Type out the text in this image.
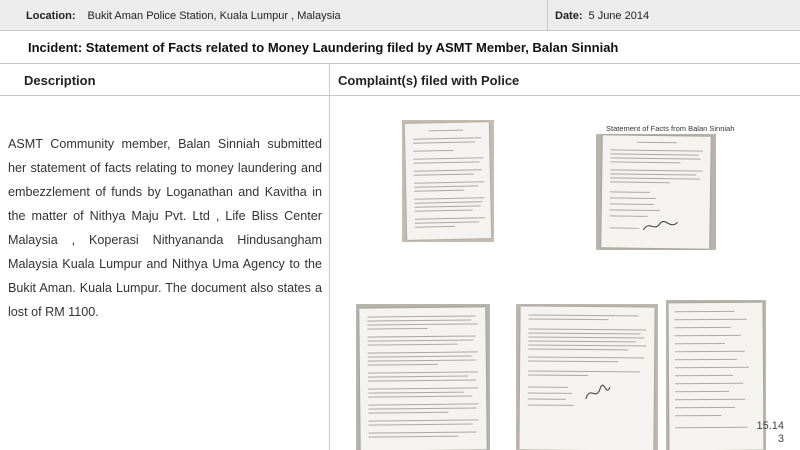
Location: Bukit Aman Police Station, Kuala Lumpur , Malaysia	Date: 5 June 2014
Incident: Statement of Facts related to Money Laundering filed by ASMT Member, Balan Sinniah
Description	Complaint(s) filed with Police

ASMT Community member, Balan Sinniah submitted her statement of facts relating to money laundering and embezzlement of funds by Loganathan and Kavitha in the matter of Nithya Maju Pvt. Ltd , Life Bliss Center Malaysia , Koperasi Nithyananda Hindusangham Malaysia Kuala Lumpur and Nithya Uma Agency to the Bukit Aman. Kuala Lumpur. The document also states a lost of RM 1100.

Statement of Facts from Balan Sinniah
15.14
3
